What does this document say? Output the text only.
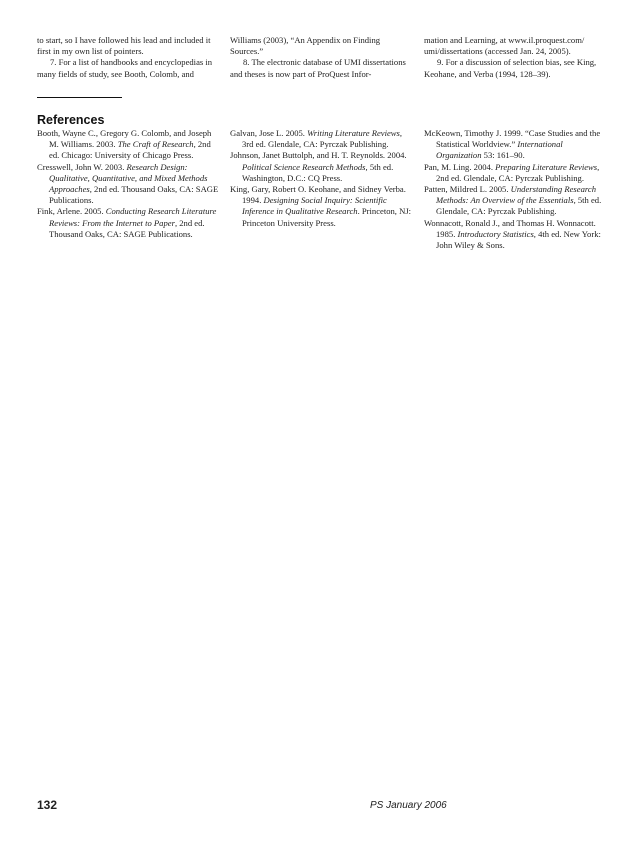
to start, so I have followed his lead and included it first in my own list of pointers.

7. For a list of handbooks and encyclopedias in many fields of study, see Booth, Colomb, and

Williams (2003), “An Appendix on Finding Sources.”

8. The electronic database of UMI dissertations and theses is now part of ProQuest Infor-

mation and Learning, at www.il.proquest.com/ umi/dissertations (accessed Jan. 24, 2005).

9. For a discussion of selection bias, see King, Keohane, and Verba (1994, 128–39).

References

Booth, Wayne C., Gregory G. Colomb, and Joseph M. Williams. 2003. The Craft of Research, 2nd ed. Chicago: University of Chicago Press.

Cresswell, John W. 2003. Research Design: Qualitative, Quantitative, and Mixed Methods Approaches, 2nd ed. Thousand Oaks, CA: SAGE Publications.

Fink, Arlene. 2005. Conducting Research Literature Reviews: From the Internet to Paper, 2nd ed. Thousand Oaks, CA: SAGE Publications.

Galvan, Jose L. 2005. Writing Literature Reviews, 3rd ed. Glendale, CA: Pyrczak Publishing.

Johnson, Janet Buttolph, and H. T. Reynolds. 2004. Political Science Research Methods, 5th ed. Washington, D.C.: CQ Press.

King, Gary, Robert O. Keohane, and Sidney Verba. 1994. Designing Social Inquiry: Scientific Inference in Qualitative Research. Princeton, NJ: Princeton University Press.

McKeown, Timothy J. 1999. “Case Studies and the Statistical Worldview.” International Organization 53: 161–90.

Pan, M. Ling. 2004. Preparing Literature Reviews, 2nd ed. Glendale, CA: Pyrczak Publishing.

Patten, Mildred L. 2005. Understanding Research Methods: An Overview of the Essentials, 5th ed. Glendale, CA: Pyrczak Publishing.

Wonnacott, Ronald J., and Thomas H. Wonnacott. 1985. Introductory Statistics, 4th ed. New York: John Wiley & Sons.

132	PS January 2006
